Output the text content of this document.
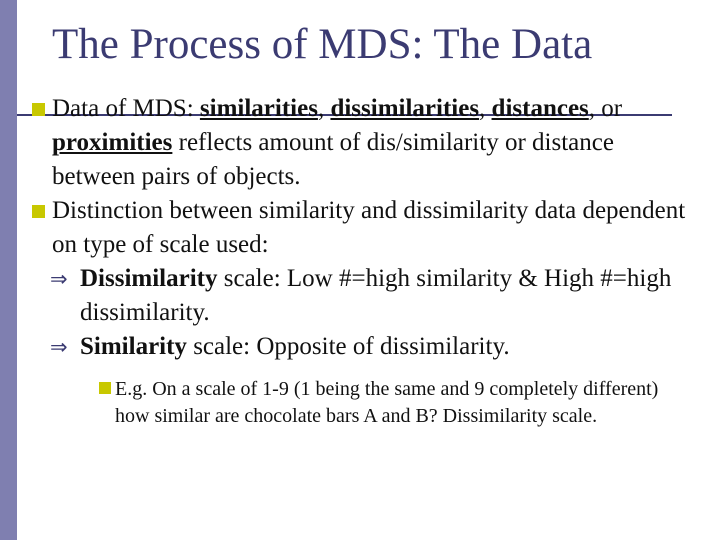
The Process of MDS: The Data
Data of MDS: similarities, dissimilarities, distances, or proximities reflects amount of dis/similarity or distance between pairs of objects.
Distinction between similarity and dissimilarity data dependent on type of scale used:
⇒ Dissimilarity scale: Low #=high similarity & High #=high dissimilarity.
⇒ Similarity scale: Opposite of dissimilarity.
E.g. On a scale of 1-9 (1 being the same and 9 completely different) how similar are chocolate bars A and B? Dissimilarity scale.
